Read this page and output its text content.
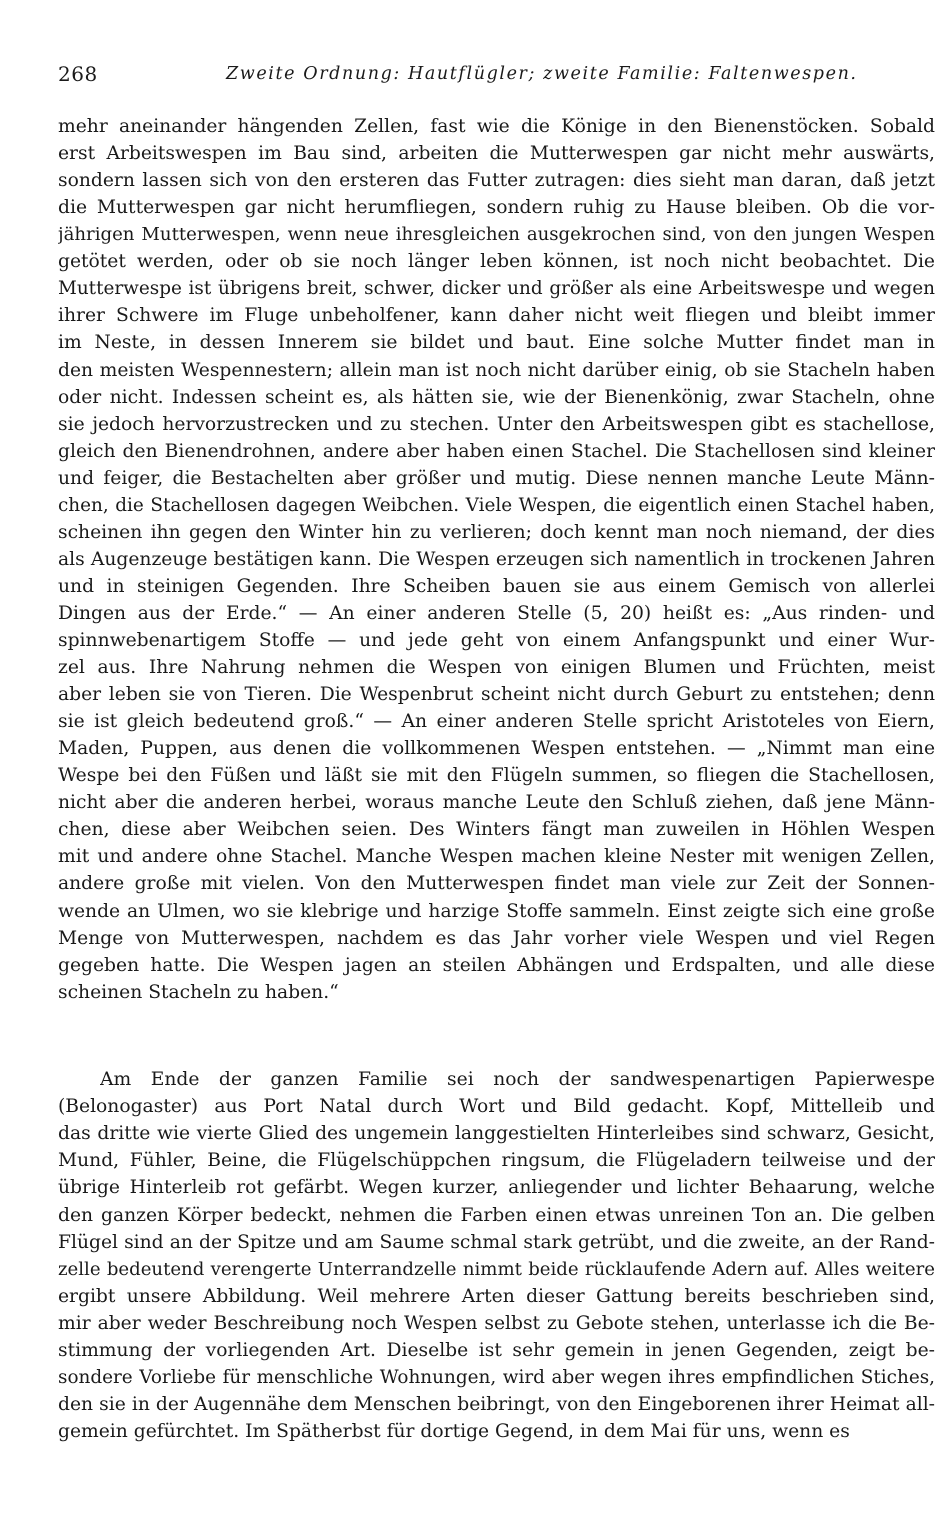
268	Zweite Ordnung: Hautflügler; zweite Familie: Faltenwespen.
mehr aneinander hängenden Zellen, fast wie die Könige in den Bienenstöcken. Sobald
erst Arbeitswespen im Bau sind, arbeiten die Mutterwespen gar nicht mehr auswärts,
sondern lassen sich von den ersteren das Futter zutragen: dies sieht man daran, daß jetzt
die Mutterwespen gar nicht herumfliegen, sondern ruhig zu Hause bleiben. Ob die vor-
jährigen Mutterwespen, wenn neue ihresgleichen ausgekrochen sind, von den jungen Wespen
getötet werden, oder ob sie noch länger leben können, ist noch nicht beobachtet. Die
Mutterwespe ist übrigens breit, schwer, dicker und größer als eine Arbeitswespe und wegen
ihrer Schwere im Fluge unbeholfener, kann daher nicht weit fliegen und bleibt immer
im Neste, in dessen Innerem sie bildet und baut. Eine solche Mutter findet man in
den meisten Wespennestern; allein man ist noch nicht darüber einig, ob sie Stacheln haben
oder nicht. Indessen scheint es, als hätten sie, wie der Bienenkönig, zwar Stacheln, ohne
sie jedoch hervorzustrecken und zu stechen. Unter den Arbeitswespen gibt es stachellose,
gleich den Bienendrohnen, andere aber haben einen Stachel. Die Stachellosen sind kleiner
und feiger, die Bestachelten aber größer und mutig. Diese nennen manche Leute Männ-
chen, die Stachellosen dagegen Weibchen. Viele Wespen, die eigentlich einen Stachel haben,
scheinen ihn gegen den Winter hin zu verlieren; doch kennt man noch niemand, der dies
als Augenzeuge bestätigen kann. Die Wespen erzeugen sich namentlich in trockenen Jahren
und in steinigen Gegenden. Ihre Scheiben bauen sie aus einem Gemisch von allerlei
Dingen aus der Erde.“ — An einer anderen Stelle (5, 20) heißt es: „Aus rinden- und
spinnwebenartigem Stoffe — und jede geht von einem Anfangspunkt und einer Wur-
zel aus. Ihre Nahrung nehmen die Wespen von einigen Blumen und Früchten, meist
aber leben sie von Tieren. Die Wespenbrut scheint nicht durch Geburt zu entstehen; denn
sie ist gleich bedeutend groß.“ — An einer anderen Stelle spricht Aristoteles von Eiern,
Maden, Puppen, aus denen die vollkommenen Wespen entstehen. — „Nimmt man eine
Wespe bei den Füßen und läßt sie mit den Flügeln summen, so fliegen die Stachellosen,
nicht aber die anderen herbei, woraus manche Leute den Schluß ziehen, daß jene Männ-
chen, diese aber Weibchen seien. Des Winters fängt man zuweilen in Höhlen Wespen
mit und andere ohne Stachel. Manche Wespen machen kleine Nester mit wenigen Zellen,
andere große mit vielen. Von den Mutterwespen findet man viele zur Zeit der Sonnen-
wende an Ulmen, wo sie klebrige und harzige Stoffe sammeln. Einst zeigte sich eine große
Menge von Mutterwespen, nachdem es das Jahr vorher viele Wespen und viel Regen
gegeben hatte. Die Wespen jagen an steilen Abhängen und Erdspalten, und alle diese
scheinen Stacheln zu haben.“
Am Ende der ganzen Familie sei noch der sandwespenartigen Papierwespe
(Belonogaster) aus Port Natal durch Wort und Bild gedacht. Kopf, Mittelleib und
das dritte wie vierte Glied des ungemein langgestielten Hinterleibes sind schwarz, Gesicht,
Mund, Fühler, Beine, die Flügelschüppchen ringsum, die Flügeladern teilweise und der
übrige Hinterleib rot gefärbt. Wegen kurzer, anliegender und lichter Behaarung, welche
den ganzen Körper bedeckt, nehmen die Farben einen etwas unreinen Ton an. Die gelben
Flügel sind an der Spitze und am Saume schmal stark getrübt, und die zweite, an der Rand-
zelle bedeutend verengerte Unterrandzelle nimmt beide rücklaufende Adern auf. Alles weitere
ergibt unsere Abbildung. Weil mehrere Arten dieser Gattung bereits beschrieben sind,
mir aber weder Beschreibung noch Wespen selbst zu Gebote stehen, unterlasse ich die Be-
stimmung der vorliegenden Art. Dieselbe ist sehr gemein in jenen Gegenden, zeigt be-
sondere Vorliebe für menschliche Wohnungen, wird aber wegen ihres empfindlichen Stiches,
den sie in der Augennähe dem Menschen beibringt, von den Eingeborenen ihrer Heimat all-
gemein gefürchtet. Im Spätherbst für dortige Gegend, in dem Mai für uns, wenn es
